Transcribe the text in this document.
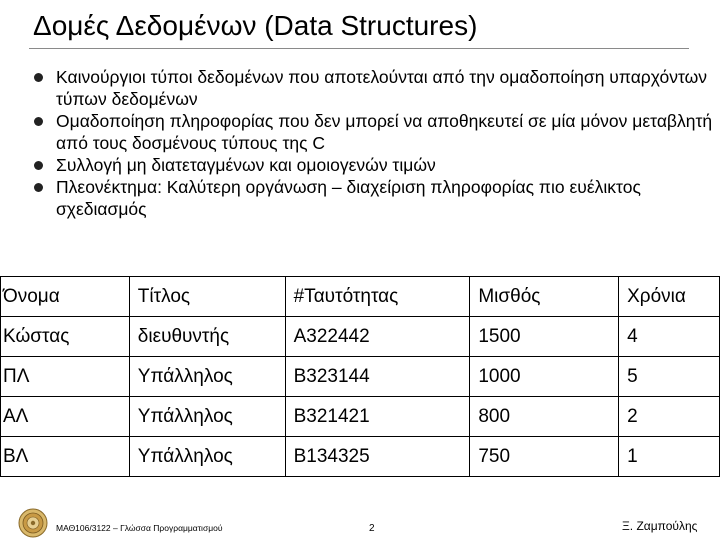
Δομές Δεδομένων (Data Structures)
Καινούργιοι τύποι δεδομένων που αποτελούνται από την ομαδοποίηση υπαρχόντων τύπων δεδομένων
Ομαδοποίηση πληροφορίας που δεν μπορεί να αποθηκευτεί σε μία μόνον μεταβλητή από τους δοσμένους τύπους της C
Συλλογή μη διατεταγμένων και ομοιογενών τιμών
Πλεονέκτημα: Καλύτερη οργάνωση – διαχείριση πληροφορίας πιο ευέλικτος σχεδιασμός
Όνομα	Τίτλος	#Ταυτότητας	Μισθός	Χρόνια
Κώστας	διευθυντής	Α322442	1500	4
ΠΛ	Υπάλληλος	Β323144	1000	5
ΑΛ	Υπάλληλος	Β321421	800	2
ΒΛ	Υπάλληλος	Β134325	750	1
ΜΑΘ106/3122 – Γλώσσα Προγραμματισμού	2	Ξ. Ζαμπούλης
